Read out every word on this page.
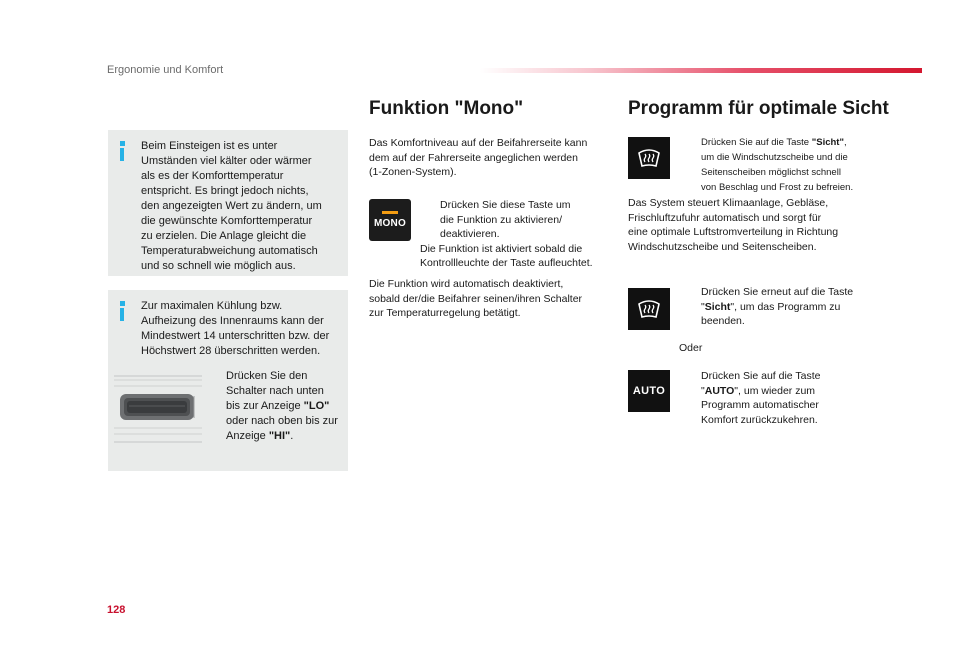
Ergonomie und Komfort
128
Beim Einsteigen ist es unter
Umständen viel kälter oder wärmer
als es der Komforttemperatur
entspricht. Es bringt jedoch nichts,
den angezeigten Wert zu ändern, um
die gewünschte Komforttemperatur
zu erzielen. Die Anlage gleicht die
Temperaturabweichung automatisch
und so schnell wie möglich aus.
Zur maximalen Kühlung bzw.
Aufheizung des Innenraums kann der
Mindestwert 14 unterschritten bzw. der
Höchstwert 28 überschritten werden.
Drücken Sie den
Schalter nach unten
bis zur Anzeige "LO"
oder nach oben bis zur
Anzeige "HI".
Funktion "Mono"
Das Komfortniveau auf der Beifahrerseite kann
dem auf der Fahrerseite angeglichen werden
(1-Zonen-System).
MONO
Drücken Sie diese Taste um
die Funktion zu aktivieren/
deaktivieren.
Die Funktion ist aktiviert sobald die
Kontrollleuchte der Taste aufleuchtet.
Die Funktion wird automatisch deaktiviert,
sobald der/die Beifahrer seinen/ihren Schalter
zur Temperaturregelung betätigt.
Programm für optimale Sicht
Drücken Sie auf die Taste "Sicht",
um die Windschutzscheibe und die
Seitenscheiben möglichst schnell
von Beschlag und Frost zu befreien.
Das System steuert Klimaanlage, Gebläse,
Frischluftzufuhr automatisch und sorgt für
eine optimale Luftstromverteilung in Richtung
Windschutzscheibe und Seitenscheiben.
Drücken Sie erneut auf die Taste
"Sicht", um das Programm zu
beenden.
Oder
AUTO
Drücken Sie auf die Taste
"AUTO", um wieder zum
Programm automatischer
Komfort zurückzukehren.
